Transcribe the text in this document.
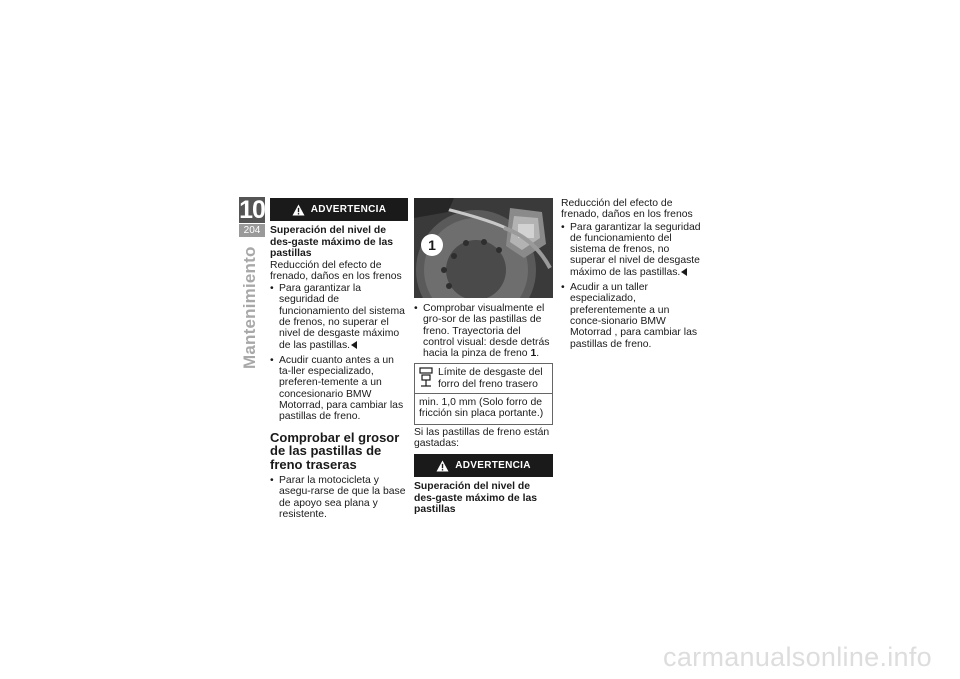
10
204
Mantenimiento
ADVERTENCIA
Superación del nivel de des-gaste máximo de las pastillas
Reducción del efecto de frenado, daños en los frenos
• Para garantizar la seguridad de funcionamiento del sistema de frenos, no superar el nivel de desgaste máximo de las pastillas.
• Acudir cuanto antes a un ta-ller especializado, preferen-temente a un concesionario BMW Motorrad, para cambiar las pastillas de freno.
Comprobar el grosor de las pastillas de freno traseras
• Parar la motocicleta y asegu-rarse de que la base de apoyo sea plana y resistente.
1
• Comprobar visualmente el gro-sor de las pastillas de freno. Trayectoria del control visual: desde detrás hacia la pinza de freno 1.
Límite de desgaste del forro del freno trasero
min. 1,0 mm (Solo forro de fricción sin placa portante.)
Si las pastillas de freno están gastadas:
ADVERTENCIA
Superación del nivel de des-gaste máximo de las pastillas
Reducción del efecto de frenado, daños en los frenos
• Para garantizar la seguridad de funcionamiento del sistema de frenos, no superar el nivel de desgaste máximo de las pastillas.
• Acudir a un taller especializado, preferentemente a un conce-sionario BMW Motorrad , para cambiar las pastillas de freno.
carmanualsonline.info
